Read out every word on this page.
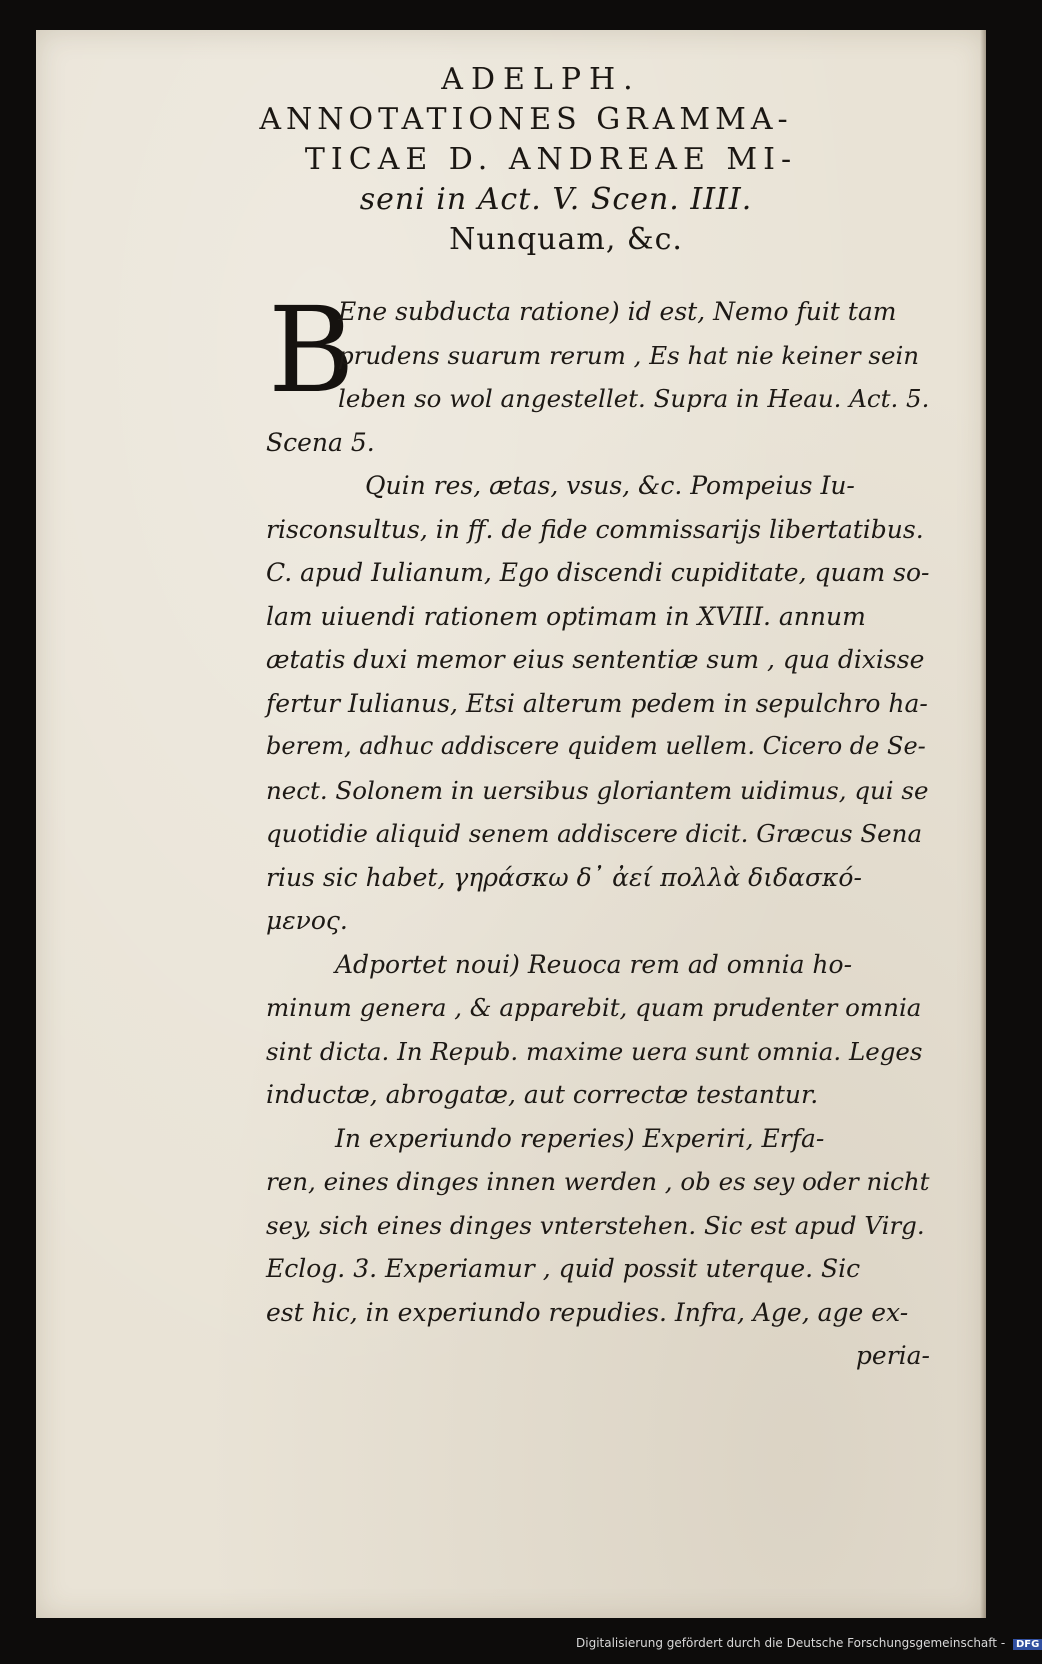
ADELPH.
ANNOTATIONES GRAMMA-
TICAE D. ANDREAE MI-
seni in Act. V. Scen. IIII.
Nunquam, &c.
B
Ene subducta ratione) id est, Nemo fuit tam
prudens suarum rerum , Es hat nie keiner sein
leben so wol angestellet. Supra in Heau. Act. 5.
Scena 5.
Quin res, ætas, vsus, &c. Pompeius Iu-
risconsultus, in ff. de fide commissarijs libertatibus.
C. apud Iulianum, Ego discendi cupiditate, quam so-
lam uiuendi rationem optimam in XVIII. annum
ætatis duxi memor eius sententiæ sum , qua dixisse
fertur Iulianus, Etsi alterum pedem in sepulchro ha-
berem, adhuc addiscere quidem uellem. Cicero de Se-
nect. Solonem in uersibus gloriantem uidimus, qui se
quotidie aliquid senem addiscere dicit. Græcus Sena
rius sic habet, γηράσκω δ᾽ ἀεί πολλὰ διδασκό-
μενος.
Adportet noui) Reuoca rem ad omnia ho-
minum genera , & apparebit, quam prudenter omnia
sint dicta. In Repub. maxime uera sunt omnia. Leges
inductæ, abrogatæ, aut correctæ testantur.
In experiundo reperies) Experiri, Erfa-
ren, eines dinges innen werden , ob es sey oder nicht
sey, sich eines dinges vnterstehen. Sic est apud Virg.
Eclog. 3. Experiamur , quid possit uterque. Sic
est hic, in experiundo repudies. Infra, Age, age ex-
peria-
Digitalisierung gefördert durch die Deutsche Forschungsgemeinschaft - DFG
